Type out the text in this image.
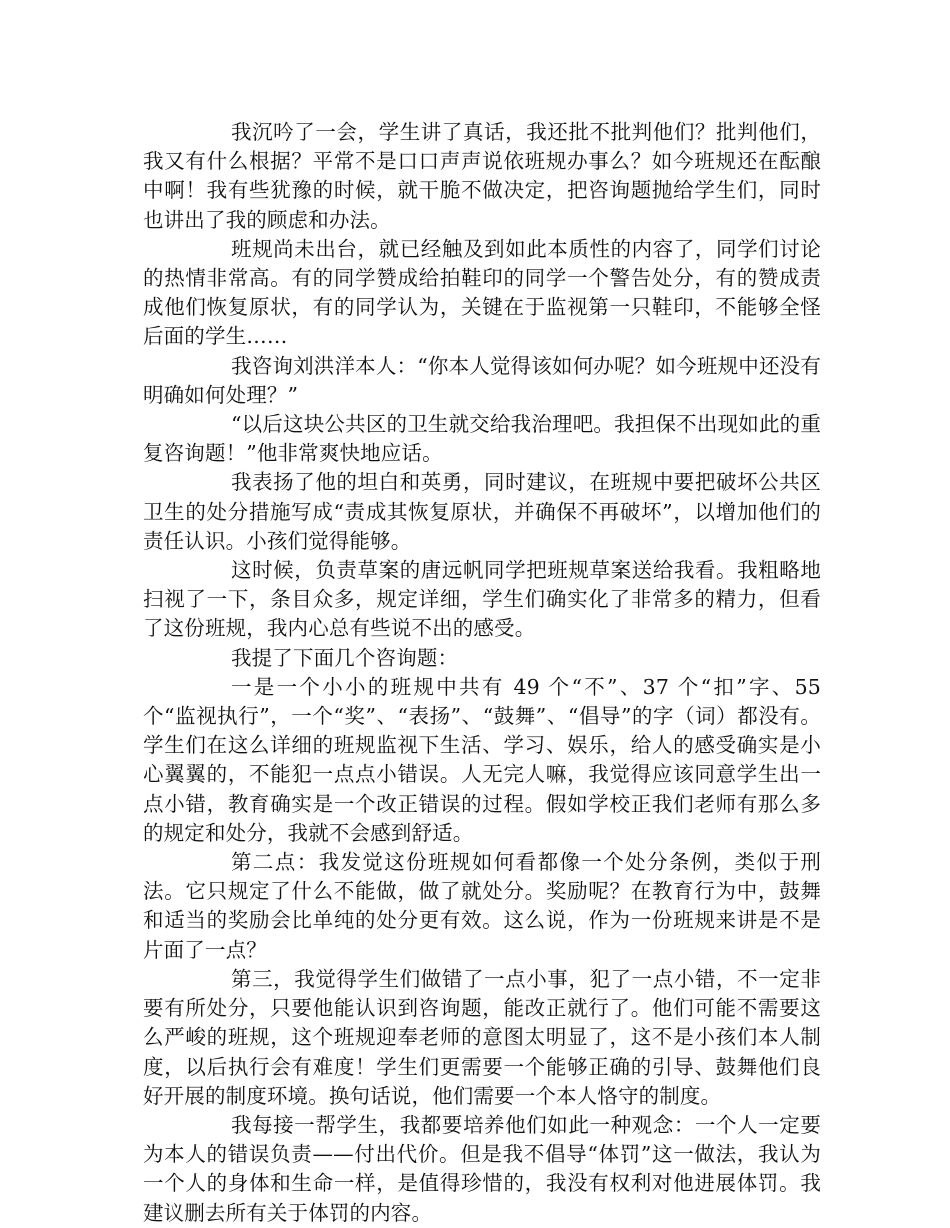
我沉吟了一会，学生讲了真话，我还批不批判他们？批判他们，我又有什么根据？平常不是口口声声说依班规办事么？如今班规还在酝酿中啊！我有些犹豫的时候，就干脆不做决定，把咨询题抛给学生们，同时也讲出了我的顾虑和办法。

班规尚未出台，就已经触及到如此本质性的内容了，同学们讨论的热情非常高。有的同学赞成给拍鞋印的同学一个警告处分，有的赞成责成他们恢复原状，有的同学认为，关键在于监视第一只鞋印，不能够全怪后面的学生……

我咨询刘洪洋本人：“你本人觉得该如何办呢？如今班规中还没有明确如何处理？”

“以后这块公共区的卫生就交给我治理吧。我担保不出现如此的重复咨询题！”他非常爽快地应话。

我表扬了他的坦白和英勇，同时建议，在班规中要把破坏公共区卫生的处分措施写成“责成其恢复原状，并确保不再破坏”，以增加他们的责任认识。小孩们觉得能够。

这时候，负责草案的唐远帆同学把班规草案送给我看。我粗略地扫视了一下，条目众多，规定详细，学生们确实化了非常多的精力，但看了这份班规，我内心总有些说不出的感受。

我提了下面几个咨询题：

一是一个小小的班规中共有 49 个“不”、37 个“扣”字、55 个“监视执行”，一个“奖”、“表扬”、“鼓舞”、“倡导”的字（词）都没有。学生们在这么详细的班规监视下生活、学习、娱乐，给人的感受确实是小心翼翼的，不能犯一点点小错误。人无完人嘛，我觉得应该同意学生出一点小错，教育确实是一个改正错误的过程。假如学校正我们老师有那么多的规定和处分，我就不会感到舒适。

第二点：我发觉这份班规如何看都像一个处分条例，类似于刑法。它只规定了什么不能做，做了就处分。奖励呢？在教育行为中，鼓舞和适当的奖励会比单纯的处分更有效。这么说，作为一份班规来讲是不是片面了一点？

第三，我觉得学生们做错了一点小事，犯了一点小错，不一定非要有所处分，只要他能认识到咨询题，能改正就行了。他们可能不需要这么严峻的班规，这个班规迎奉老师的意图太明显了，这不是小孩们本人制度，以后执行会有难度！学生们更需要一个能够正确的引导、鼓舞他们良好开展的制度环境。换句话说，他们需要一个本人恪守的制度。

我每接一帮学生，我都要培养他们如此一种观念：一个人一定要为本人的错误负责——付出代价。但是我不倡导“体罚”这一做法，我认为一个人的身体和生命一样，是值得珍惜的，我没有权利对他进展体罚。我建议删去所有关于体罚的内容。
